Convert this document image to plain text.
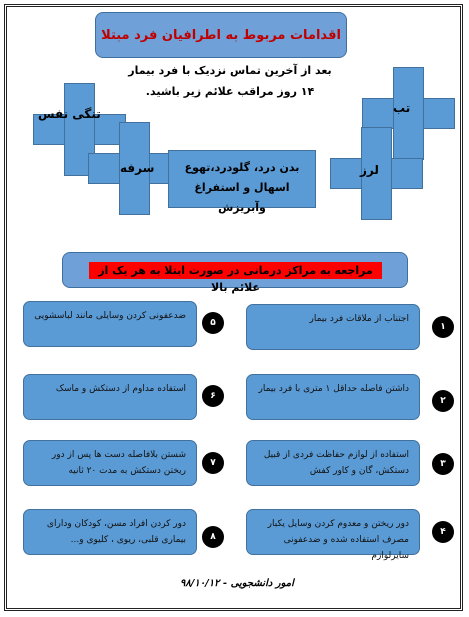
اقدامات مربوط به اطرافیان فرد مبتلا
بعد از آخرین تماس نزدیک با فرد بیمار
۱۴ روز مراقب علائم زیر باشید.
تنگی نفس	تب
سرفه	لرز
بدن درد، گلودرد،تهوع
اسهال و استفراغ وآبریزش
مراجعه به مراکز درمانی در صورت ابتلا به هر یک از علائم بالا
اجتناب از ملاقات فرد بیمار
۱
داشتن فاصله حداقل ۱ متری با فرد بیمار
۲
استفاده از لوازم حفاظت فردی از قبیل دستکش، گان و کاور کفش
۳
دور ریختن و معدوم کردن وسایل یکبار مصرف استفاده شده و ضدعفونی سایرلوازم
۴
ضدعفونی کردن وسایلی مانند لباسشویی
۵
استفاده مداوم از دستکش و ماسک
۶
شستن بلافاصله دست ها پس از دور ریختن دستکش به مدت ۲۰ ثانیه
۷
دور کردن افراد مسن، کودکان ودارای بیماری قلبی، ریوی ، کلیوی و...	۸
امور دانشجویی - ۹۸/۱۰/۱۲
